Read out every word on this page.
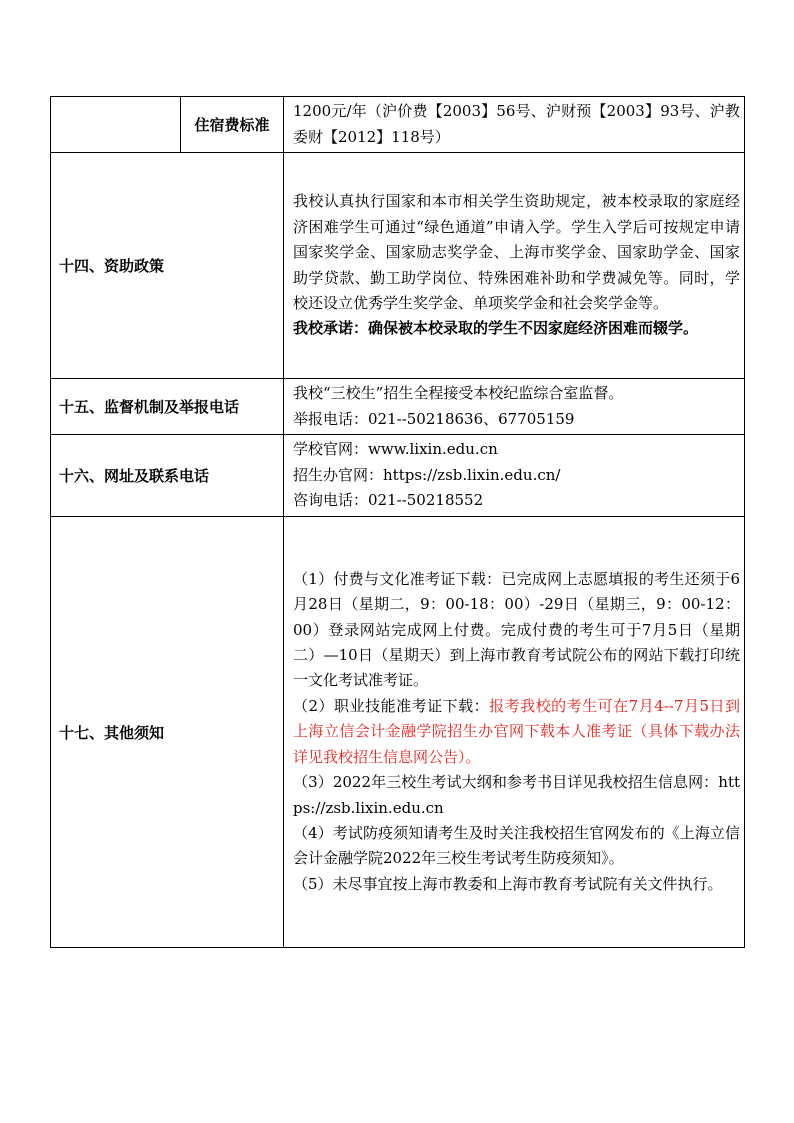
	住宿费标准	1200元/年（沪价费【2003】56号、沪财预【2003】93号、沪教委财【2012】118号）

十四、资助政策		我校认真执行国家和本市相关学生资助规定，被本校录取的家庭经济困难学生可通过“绿色通道”申请入学。学生入学后可按规定申请国家奖学金、国家励志奖学金、上海市奖学金、国家助学金、国家助学贷款、勤工助学岗位、特殊困难补助和学费减免等。同时，学校还设立优秀学生奖学金、单项奖学金和社会奖学金等。

我校承诺：确保被本校录取的学生不因家庭经济困难而辍学。

十五、监督机制及举报电话		我校“三校生”招生全程接受本校纪监综合室监督。

举报电话：021--50218636、67705159

十六、网址及联系电话		学校官网：www.lixin.edu.cn

招生办官网：https://zsb.lixin.edu.cn/

咨询电话：021--50218552

十七、其他须知		（1）付费与文化准考证下载：已完成网上志愿填报的考生还须于6月28日（星期二，9：00-18：00）-29日（星期三，9：00-12：00）登录网站完成网上付费。完成付费的考生可于7月5日（星期二）—10日（星期天）到上海市教育考试院公布的网站下载打印统一文化考试准考证。

（2）职业技能准考证下载：报考我校的考生可在7月4--7月5日到上海立信会计金融学院招生办官网下载本人准考证（具体下载办法详见我校招生信息网公告）。

（3）2022年三校生考试大纲和参考书目详见我校招生信息网：https://zsb.lixin.edu.cn

（4）考试防疫须知请考生及时关注我校招生官网发布的《上海立信会计金融学院2022年三校生考试考生防疫须知》。

（5）未尽事宜按上海市教委和上海市教育考试院有关文件执行。
